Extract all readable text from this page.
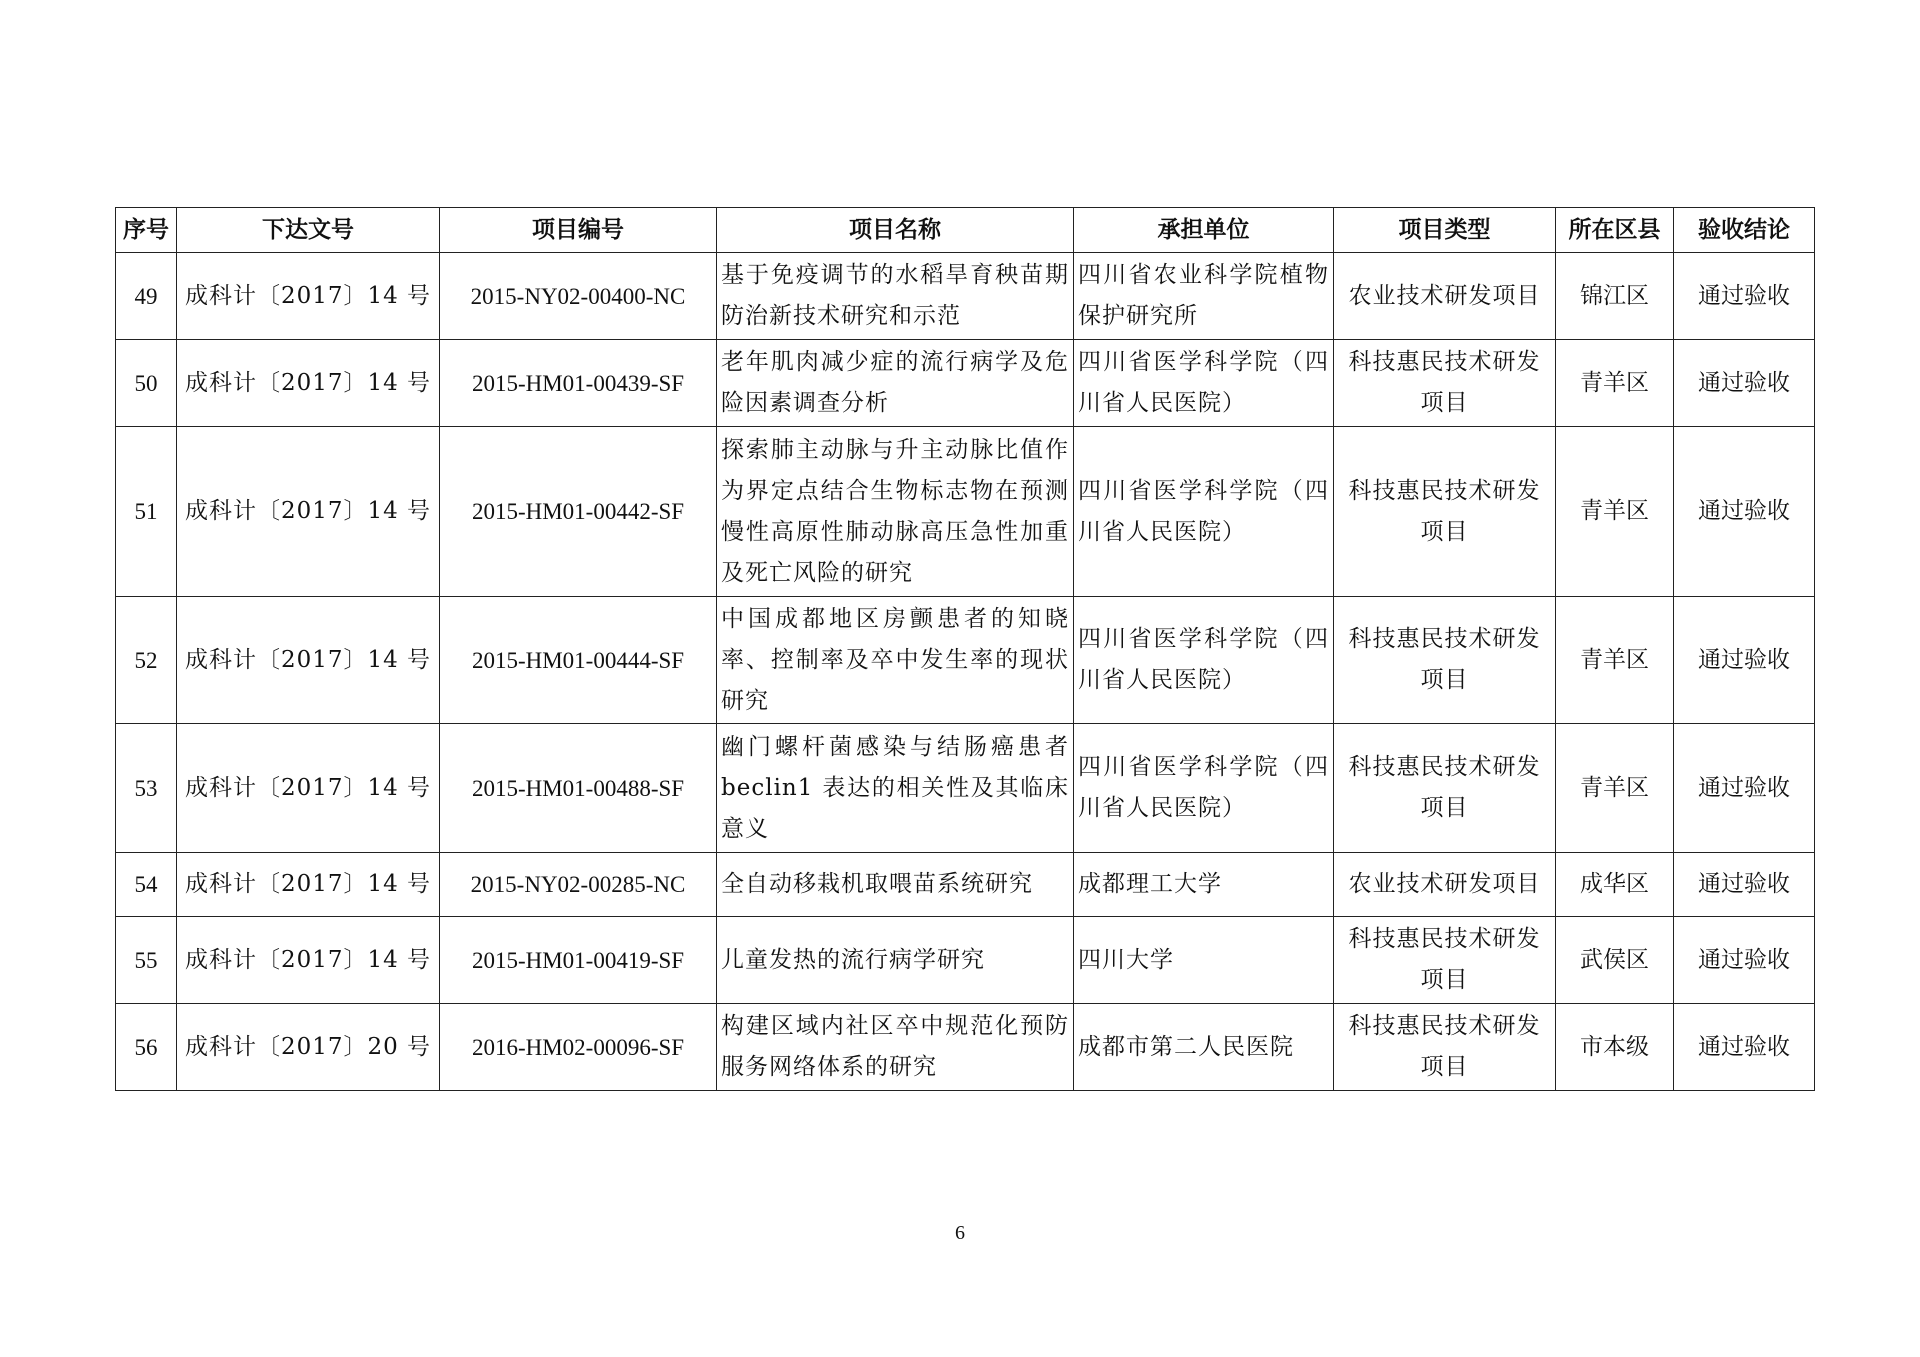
序号	下达文号	项目编号	项目名称	承担单位	项目类型	所在区县	验收结论
49	成科计〔2017〕14 号	2015-NY02-00400-NC	基于免疫调节的水稻旱育秧苗期防治新技术研究和示范	四川省农业科学院植物保护研究所	农业技术研发项目	锦江区	通过验收
50	成科计〔2017〕14 号	2015-HM01-00439-SF	老年肌肉减少症的流行病学及危险因素调查分析	四川省医学科学院（四川省人民医院）	科技惠民技术研发项目	青羊区	通过验收
51	成科计〔2017〕14 号	2015-HM01-00442-SF	探索肺主动脉与升主动脉比值作为界定点结合生物标志物在预测慢性高原性肺动脉高压急性加重及死亡风险的研究	四川省医学科学院（四川省人民医院）	科技惠民技术研发项目	青羊区	通过验收
52	成科计〔2017〕14 号	2015-HM01-00444-SF	中国成都地区房颤患者的知晓率、控制率及卒中发生率的现状研究	四川省医学科学院（四川省人民医院）	科技惠民技术研发项目	青羊区	通过验收
53	成科计〔2017〕14 号	2015-HM01-00488-SF	幽门螺杆菌感染与结肠癌患者beclin1 表达的相关性及其临床意义	四川省医学科学院（四川省人民医院）	科技惠民技术研发项目	青羊区	通过验收
54	成科计〔2017〕14 号	2015-NY02-00285-NC	全自动移栽机取喂苗系统研究	成都理工大学	农业技术研发项目	成华区	通过验收
55	成科计〔2017〕14 号	2015-HM01-00419-SF	儿童发热的流行病学研究	四川大学	科技惠民技术研发项目	武侯区	通过验收
56	成科计〔2017〕20 号	2016-HM02-00096-SF	构建区域内社区卒中规范化预防服务网络体系的研究	成都市第二人民医院	科技惠民技术研发项目	市本级	通过验收
6
